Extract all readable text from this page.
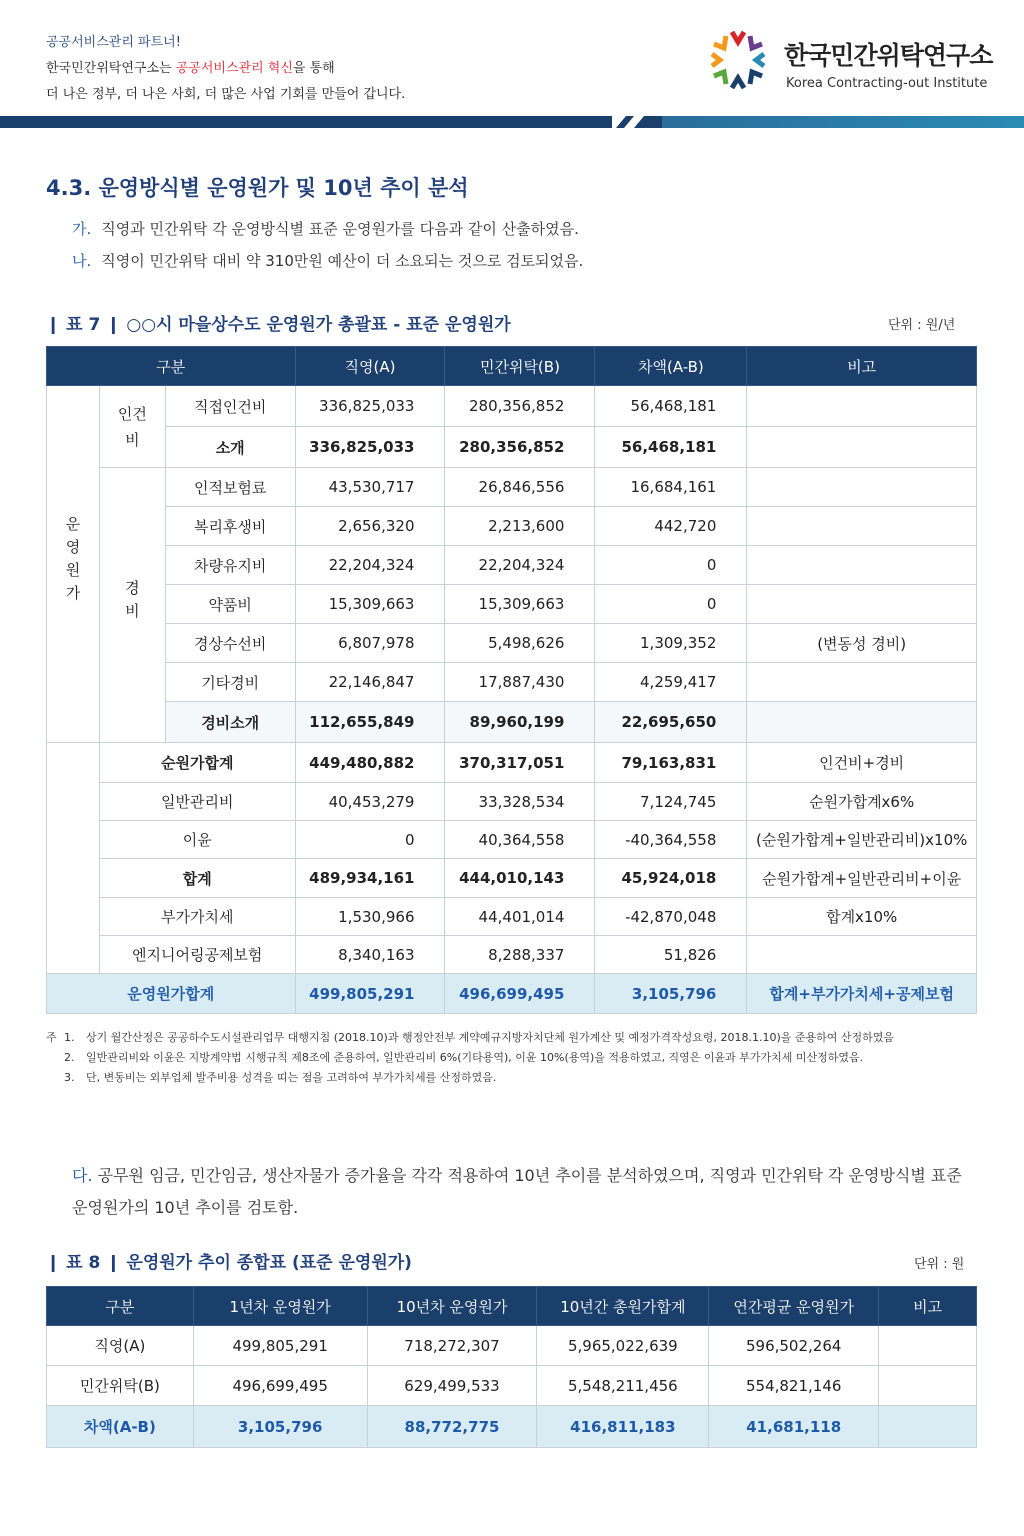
공공서비스관리 파트너!
한국민간위탁연구소는 공공서비스관리 혁신을 통해
더 나은 정부, 더 나은 사회, 더 많은 사업 기회를 만들어 갑니다.
한국민간위탁연구소
Korea Contracting-out Institute
4.3. 운영방식별 운영원가 및 10년 추이 분석
가. 직영과 민간위탁 각 운영방식별 표준 운영원가를 다음과 같이 산출하였음.
나. 직영이 민간위탁 대비 약 310만원 예산이 더 소요되는 것으로 검토되었음.
❙ 표 7 ❙ ○○시 마을상수도 운영원가 총괄표 - 표준 운영원가	단위 : 원/년
구분			직영(A)	민간위탁(B)	차액(A-B)	비고
운영원가	인건비	직접인건비	336,825,033	280,356,852	56,468,181	
		소개	336,825,033	280,356,852	56,468,181	
	경비	인적보험료	43,530,717	26,846,556	16,684,161	
		복리후생비	2,656,320	2,213,600	442,720	
		차량유지비	22,204,324	22,204,324	0	
		약품비	15,309,663	15,309,663	0	
		경상수선비	6,807,978	5,498,626	1,309,352	(변동성 경비)
		기타경비	22,146,847	17,887,430	4,259,417	
		경비소개	112,655,849	89,960,199	22,695,650	
	순원가합계		449,480,882	370,317,051	79,163,831	인건비+경비
	일반관리비		40,453,279	33,328,534	7,124,745	순원가합계x6%
	이윤		0	40,364,558	-40,364,558	(순원가합계+일반관리비)x10%
	합계		489,934,161	444,010,143	45,924,018	순원가합계+일반관리비+이윤
	부가가치세		1,530,966	44,401,014	-42,870,048	합계x10%
	엔지니어링공제보험		8,340,163	8,288,337	51,826	
운영원가합계			499,805,291	496,699,495	3,105,796	합계+부가가치세+공제보험
주 1. 상기 월간산정은 공공하수도시설관리업무 대행지침 (2018.10)과 행정안전부 계약예규지방자치단체 원가계산 및 예정가격작성요령, 2018.1.10)을 준용하여 산정하였음
2. 일반관리비와 이윤은 지방계약법 시행규칙 제8조에 준용하여, 일반관리비 6%(기타용역), 이윤 10%(용역)을 적용하였고, 직영은 이윤과 부가가치세 미산정하였음.
3. 단, 변동비는 외부업체 발주비용 성격을 띠는 점을 고려하여 부가가치세를 산정하였음.
다. 공무원 임금, 민간임금, 생산자물가 증가율을 각각 적용하여 10년 추이를 분석하였으며, 직영과 민간위탁 각 운영방식별 표준 운영원가의 10년 추이를 검토함.
❙ 표 8 ❙ 운영원가 추이 종합표 (표준 운영원가)	단위 : 원
구분	1년차 운영원가	10년차 운영원가	10년간 총원가합계	연간평균 운영원가	비고
직영(A)	499,805,291	718,272,307	5,965,022,639	596,502,264	
민간위탁(B)	496,699,495	629,499,533	5,548,211,456	554,821,146	
차액(A-B)	3,105,796	88,772,775	416,811,183	41,681,118	
